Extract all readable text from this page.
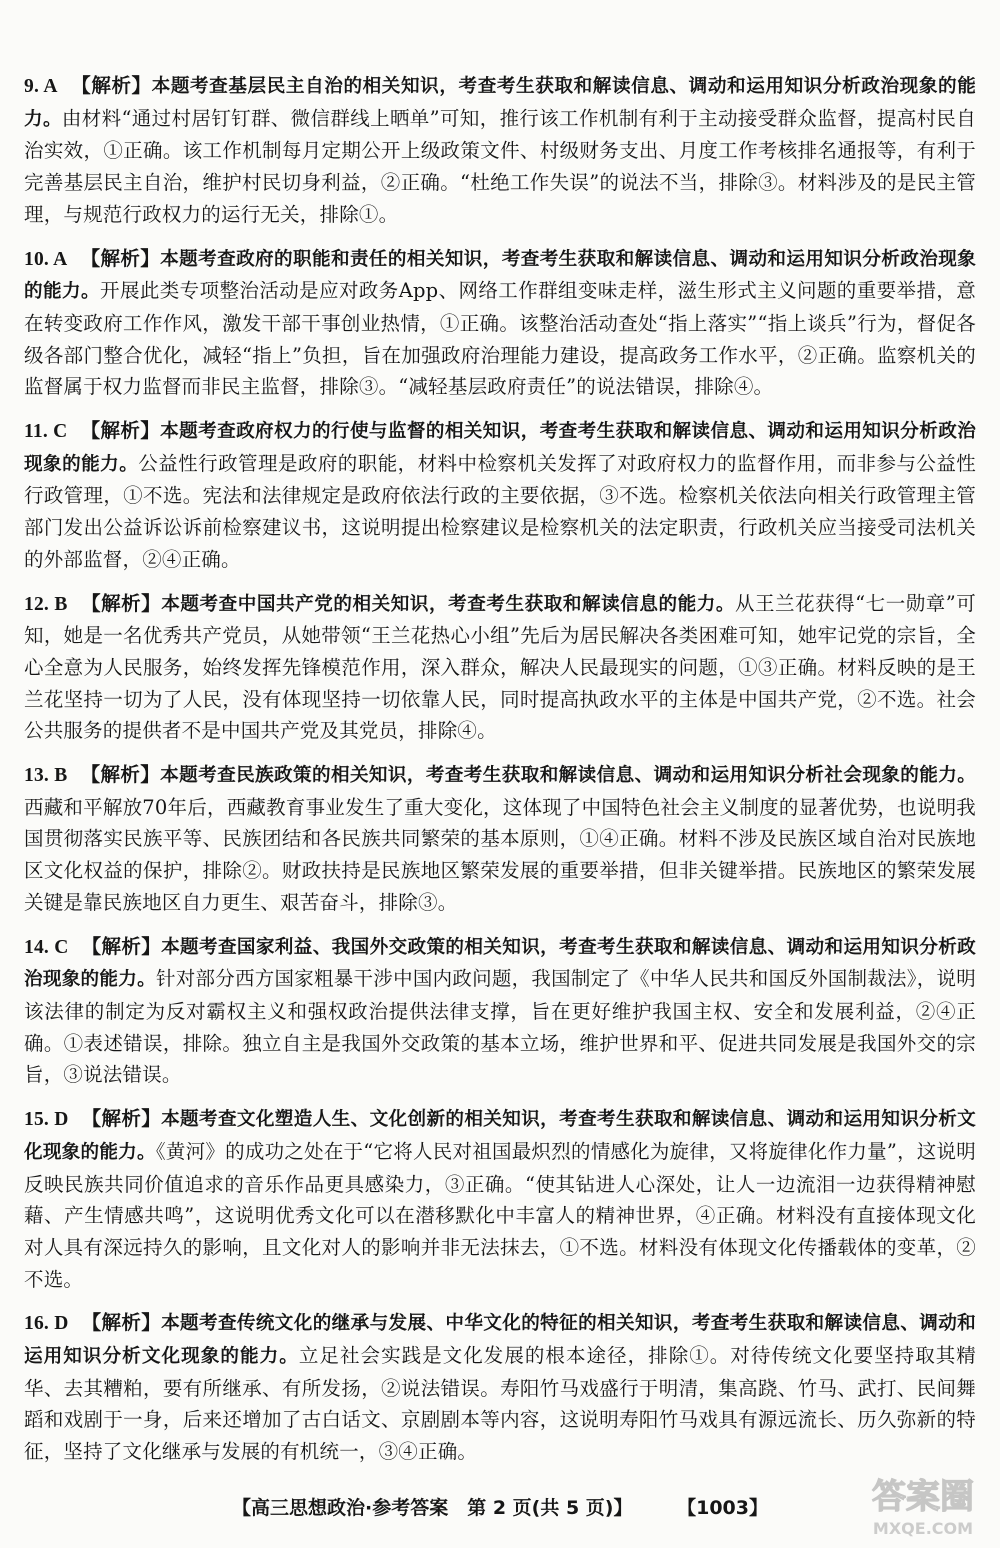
9. A 【解析】本题考查基层民主自治的相关知识，考查考生获取和解读信息、调动和运用知识分析政治现象的能力。由材料“通过村居钉钉群、微信群线上晒单”可知，推行该工作机制有利于主动接受群众监督，提高村民自治实效，①正确。该工作机制每月定期公开上级政策文件、村级财务支出、月度工作考核排名通报等，有利于完善基层民主自治，维护村民切身利益，②正确。“杜绝工作失误”的说法不当，排除③。材料涉及的是民主管理，与规范行政权力的运行无关，排除①。

10. A 【解析】本题考查政府的职能和责任的相关知识，考查考生获取和解读信息、调动和运用知识分析政治现象的能力。开展此类专项整治活动是应对政务App、网络工作群组变味走样，滋生形式主义问题的重要举措，意在转变政府工作作风，激发干部干事创业热情，①正确。该整治活动查处“指上落实”“指上谈兵”行为，督促各级各部门整合优化，减轻“指上”负担，旨在加强政府治理能力建设，提高政务工作水平，②正确。监察机关的监督属于权力监督而非民主监督，排除③。“减轻基层政府责任”的说法错误，排除④。

11. C 【解析】本题考查政府权力的行使与监督的相关知识，考查考生获取和解读信息、调动和运用知识分析政治现象的能力。公益性行政管理是政府的职能，材料中检察机关发挥了对政府权力的监督作用，而非参与公益性行政管理，①不选。宪法和法律规定是政府依法行政的主要依据，③不选。检察机关依法向相关行政管理主管部门发出公益诉讼诉前检察建议书，这说明提出检察建议是检察机关的法定职责，行政机关应当接受司法机关的外部监督，②④正确。

12. B 【解析】本题考查中国共产党的相关知识，考查考生获取和解读信息的能力。从王兰花获得“七一勋章”可知，她是一名优秀共产党员，从她带领“王兰花热心小组”先后为居民解决各类困难可知，她牢记党的宗旨，全心全意为人民服务，始终发挥先锋模范作用，深入群众，解决人民最现实的问题，①③正确。材料反映的是王兰花坚持一切为了人民，没有体现坚持一切依靠人民，同时提高执政水平的主体是中国共产党，②不选。社会公共服务的提供者不是中国共产党及其党员，排除④。

13. B 【解析】本题考查民族政策的相关知识，考查考生获取和解读信息、调动和运用知识分析社会现象的能力。西藏和平解放70年后，西藏教育事业发生了重大变化，这体现了中国特色社会主义制度的显著优势，也说明我国贯彻落实民族平等、民族团结和各民族共同繁荣的基本原则，①④正确。材料不涉及民族区域自治对民族地区文化权益的保护，排除②。财政扶持是民族地区繁荣发展的重要举措，但非关键举措。民族地区的繁荣发展关键是靠民族地区自力更生、艰苦奋斗，排除③。

14. C 【解析】本题考查国家利益、我国外交政策的相关知识，考查考生获取和解读信息、调动和运用知识分析政治现象的能力。针对部分西方国家粗暴干涉中国内政问题，我国制定了《中华人民共和国反外国制裁法》，说明该法律的制定为反对霸权主义和强权政治提供法律支撑，旨在更好维护我国主权、安全和发展利益，②④正确。①表述错误，排除。独立自主是我国外交政策的基本立场，维护世界和平、促进共同发展是我国外交的宗旨，③说法错误。

15. D 【解析】本题考查文化塑造人生、文化创新的相关知识，考查考生获取和解读信息、调动和运用知识分析文化现象的能力。《黄河》的成功之处在于“它将人民对祖国最炽烈的情感化为旋律，又将旋律化作力量”，这说明反映民族共同价值追求的音乐作品更具感染力，③正确。“使其钻进人心深处，让人一边流泪一边获得精神慰藉、产生情感共鸣”，这说明优秀文化可以在潜移默化中丰富人的精神世界，④正确。材料没有直接体现文化对人具有深远持久的影响，且文化对人的影响并非无法抹去，①不选。材料没有体现文化传播载体的变革，②不选。

16. D 【解析】本题考查传统文化的继承与发展、中华文化的特征的相关知识，考查考生获取和解读信息、调动和运用知识分析文化现象的能力。立足社会实践是文化发展的根本途径，排除①。对待传统文化要坚持取其精华、去其糟粕，要有所继承、有所发扬，②说法错误。寿阳竹马戏盛行于明清，集高跷、竹马、武打、民间舞蹈和戏剧于一身，后来还增加了古白话文、京剧剧本等内容，这说明寿阳竹马戏具有源远流长、历久弥新的特征，坚持了文化继承与发展的有机统一，③④正确。

【高三思想政治·参考答案　第 2 页(共 5 页)】 【1003】	答案圈
MXQE.COM
